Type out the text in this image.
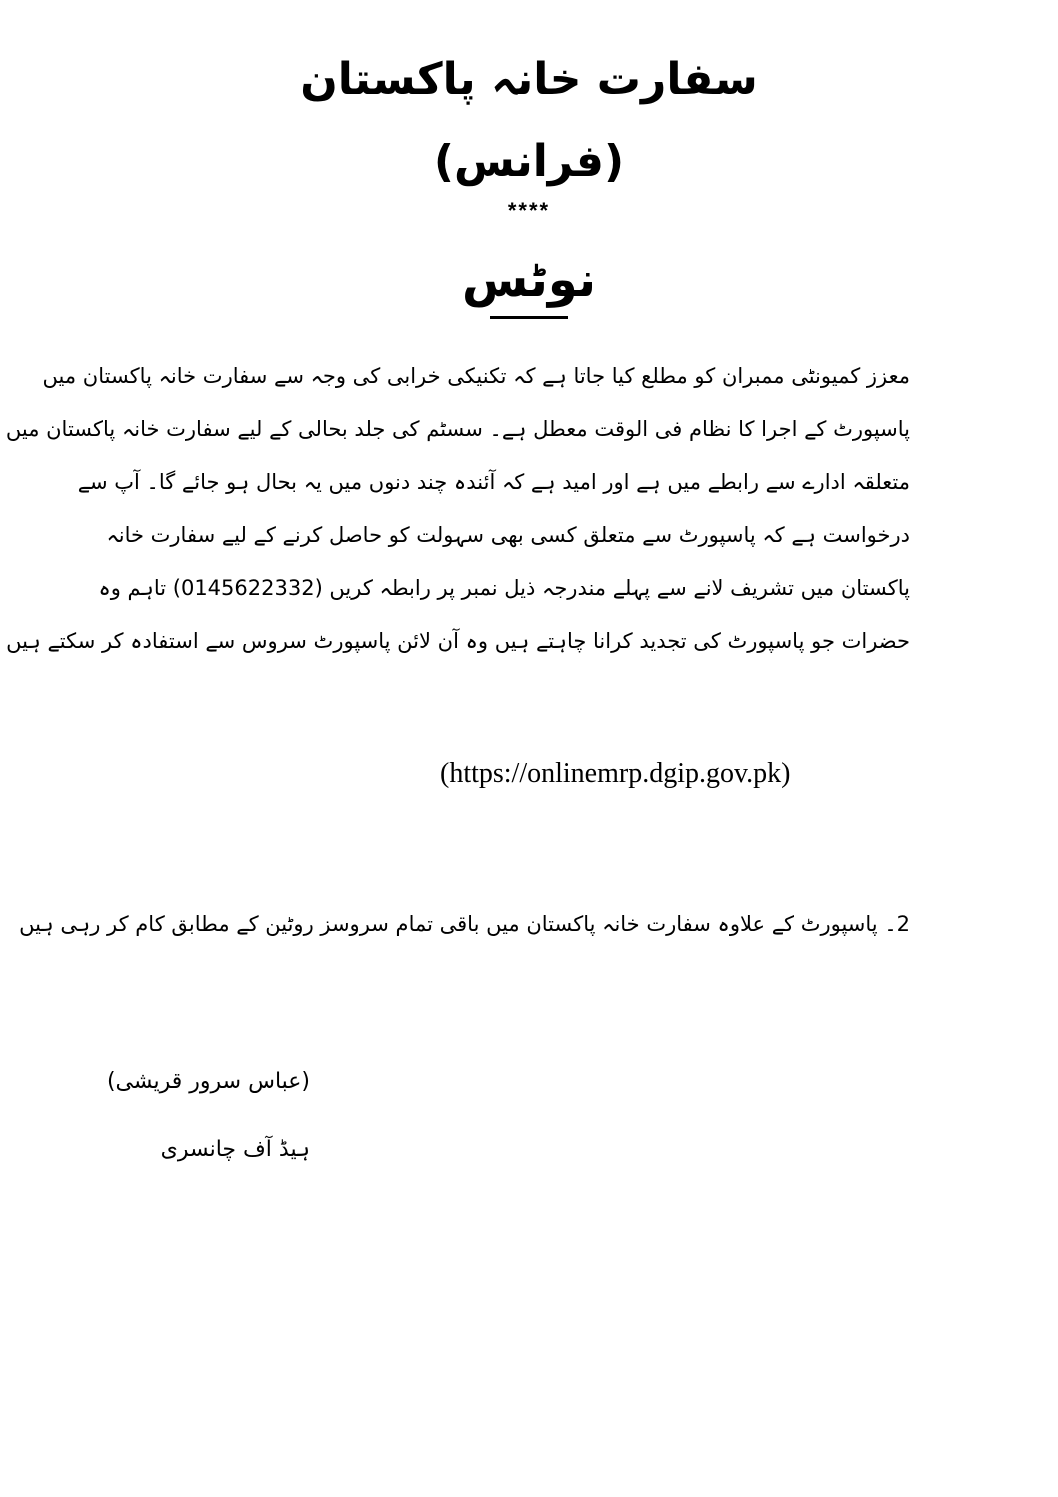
سفارت خانہ پاکستان
(فرانس)
****
نوٹس
معزز کمیونٹی ممبران کو مطلع کیا جاتا ہے کہ تکنیکی خرابی کی وجہ سے سفارت خانہ پاکستان میں
پاسپورٹ کے اجرا کا نظام فی الوقت معطل ہے۔ سسٹم کی جلد بحالی کے لیے سفارت خانہ پاکستان میں
متعلقہ ادارے سے رابطے میں ہے اور امید ہے کہ آئندہ چند دنوں میں یہ بحال ہو جائے گا۔ آپ سے
درخواست ہے کہ پاسپورٹ سے متعلق کسی بھی سہولت کو حاصل کرنے کے لیے سفارت خانہ
پاکستان میں تشریف لانے سے پہلے مندرجہ ذیل نمبر پر رابطہ کریں (0145622332) تاہم وہ
حضرات جو پاسپورٹ کی تجدید کرانا چاہتے ہیں وہ آن لائن پاسپورٹ سروس سے استفادہ کر سکتے ہیں
(https://onlinemrp.dgip.gov.pk)
2۔ پاسپورٹ کے علاوہ سفارت خانہ پاکستان میں باقی تمام سروسز روٹین کے مطابق کام کر رہی ہیں
(عباس سرور قریشی)
ہیڈ آف چانسری
